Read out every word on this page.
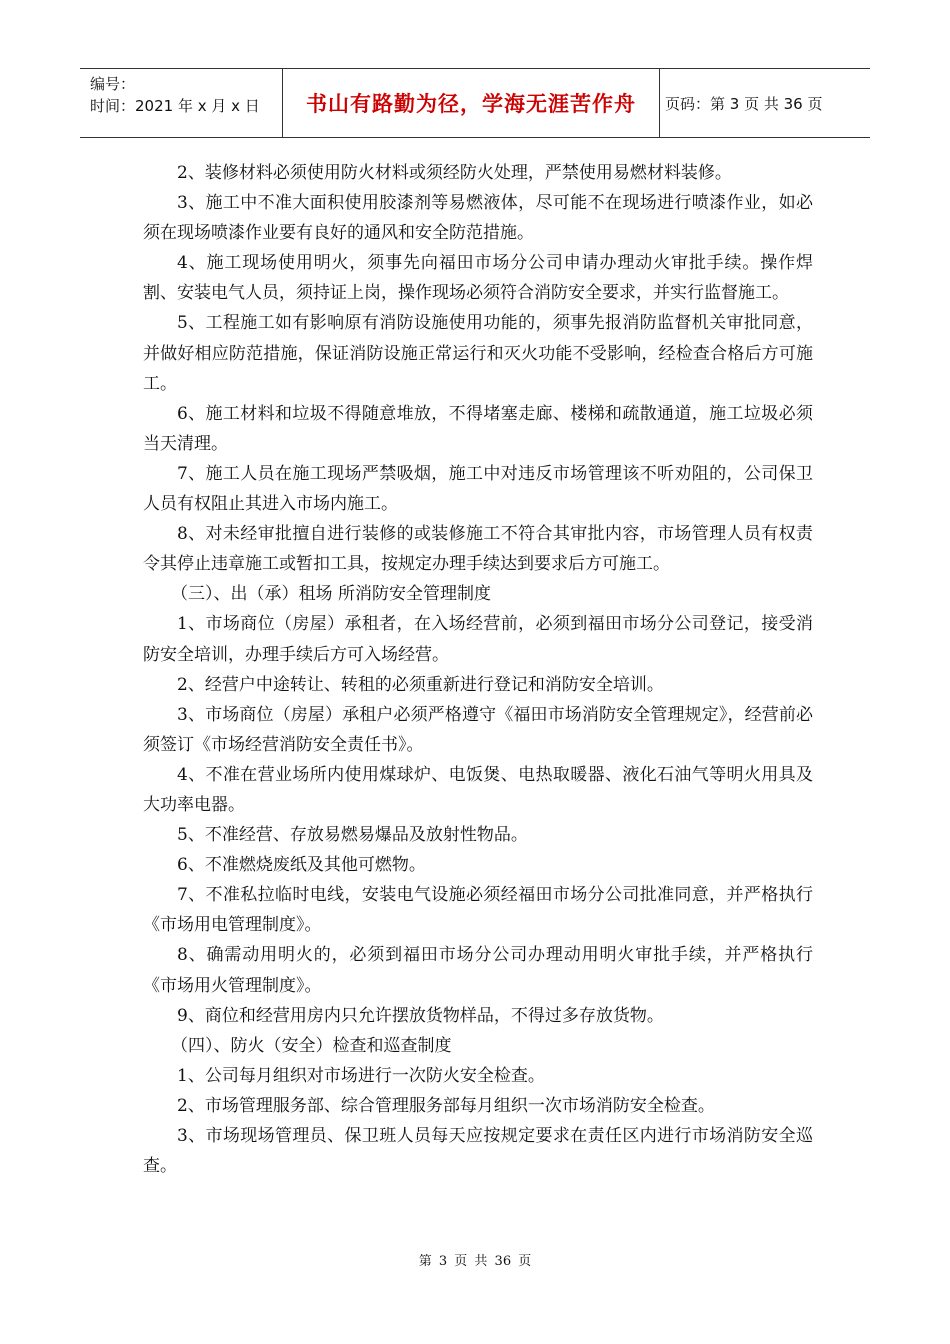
编号：
时间：2021 年 x 月 x 日	书山有路勤为径，学海无涯苦作舟	页码：第 3 页 共 36 页

2、装修材料必须使用防火材料或须经防火处理，严禁使用易燃材料装修。

3、施工中不准大面积使用胶漆剂等易燃液体，尽可能不在现场进行喷漆作业，如必须在现场喷漆作业要有良好的通风和安全防范措施。

4、施工现场使用明火，须事先向福田市场分公司申请办理动火审批手续。操作焊割、安装电气人员，须持证上岗，操作现场必须符合消防安全要求，并实行监督施工。

5、工程施工如有影响原有消防设施使用功能的，须事先报消防监督机关审批同意，并做好相应防范措施，保证消防设施正常运行和灭火功能不受影响，经检查合格后方可施工。

6、施工材料和垃圾不得随意堆放，不得堵塞走廊、楼梯和疏散通道，施工垃圾必须当天清理。

7、施工人员在施工现场严禁吸烟，施工中对违反市场管理该不听劝阻的，公司保卫人员有权阻止其进入市场内施工。

8、对未经审批擅自进行装修的或装修施工不符合其审批内容，市场管理人员有权责令其停止违章施工或暂扣工具，按规定办理手续达到要求后方可施工。

（三）、出（承）租场 所消防安全管理制度

1、市场商位（房屋）承租者，在入场经营前，必须到福田市场分公司登记，接受消防安全培训，办理手续后方可入场经营。

2、经营户中途转让、转租的必须重新进行登记和消防安全培训。

3、市场商位（房屋）承租户必须严格遵守《福田市场消防安全管理规定》，经营前必须签订《市场经营消防安全责任书》。

4、不准在营业场所内使用煤球炉、电饭煲、电热取暖器、液化石油气等明火用具及大功率电器。

5、不准经营、存放易燃易爆品及放射性物品。

6、不准燃烧废纸及其他可燃物。

7、不准私拉临时电线，安装电气设施必须经福田市场分公司批准同意，并严格执行《市场用电管理制度》。

8、确需动用明火的，必须到福田市场分公司办理动用明火审批手续，并严格执行《市场用火管理制度》。

9、商位和经营用房内只允许摆放货物样品，不得过多存放货物。

（四）、防火（安全）检查和巡查制度

1、公司每月组织对市场进行一次防火安全检查。

2、市场管理服务部、综合管理服务部每月组织一次市场消防安全检查。

3、市场现场管理员、保卫班人员每天应按规定要求在责任区内进行市场消防安全巡查。

第 3 页 共 36 页
